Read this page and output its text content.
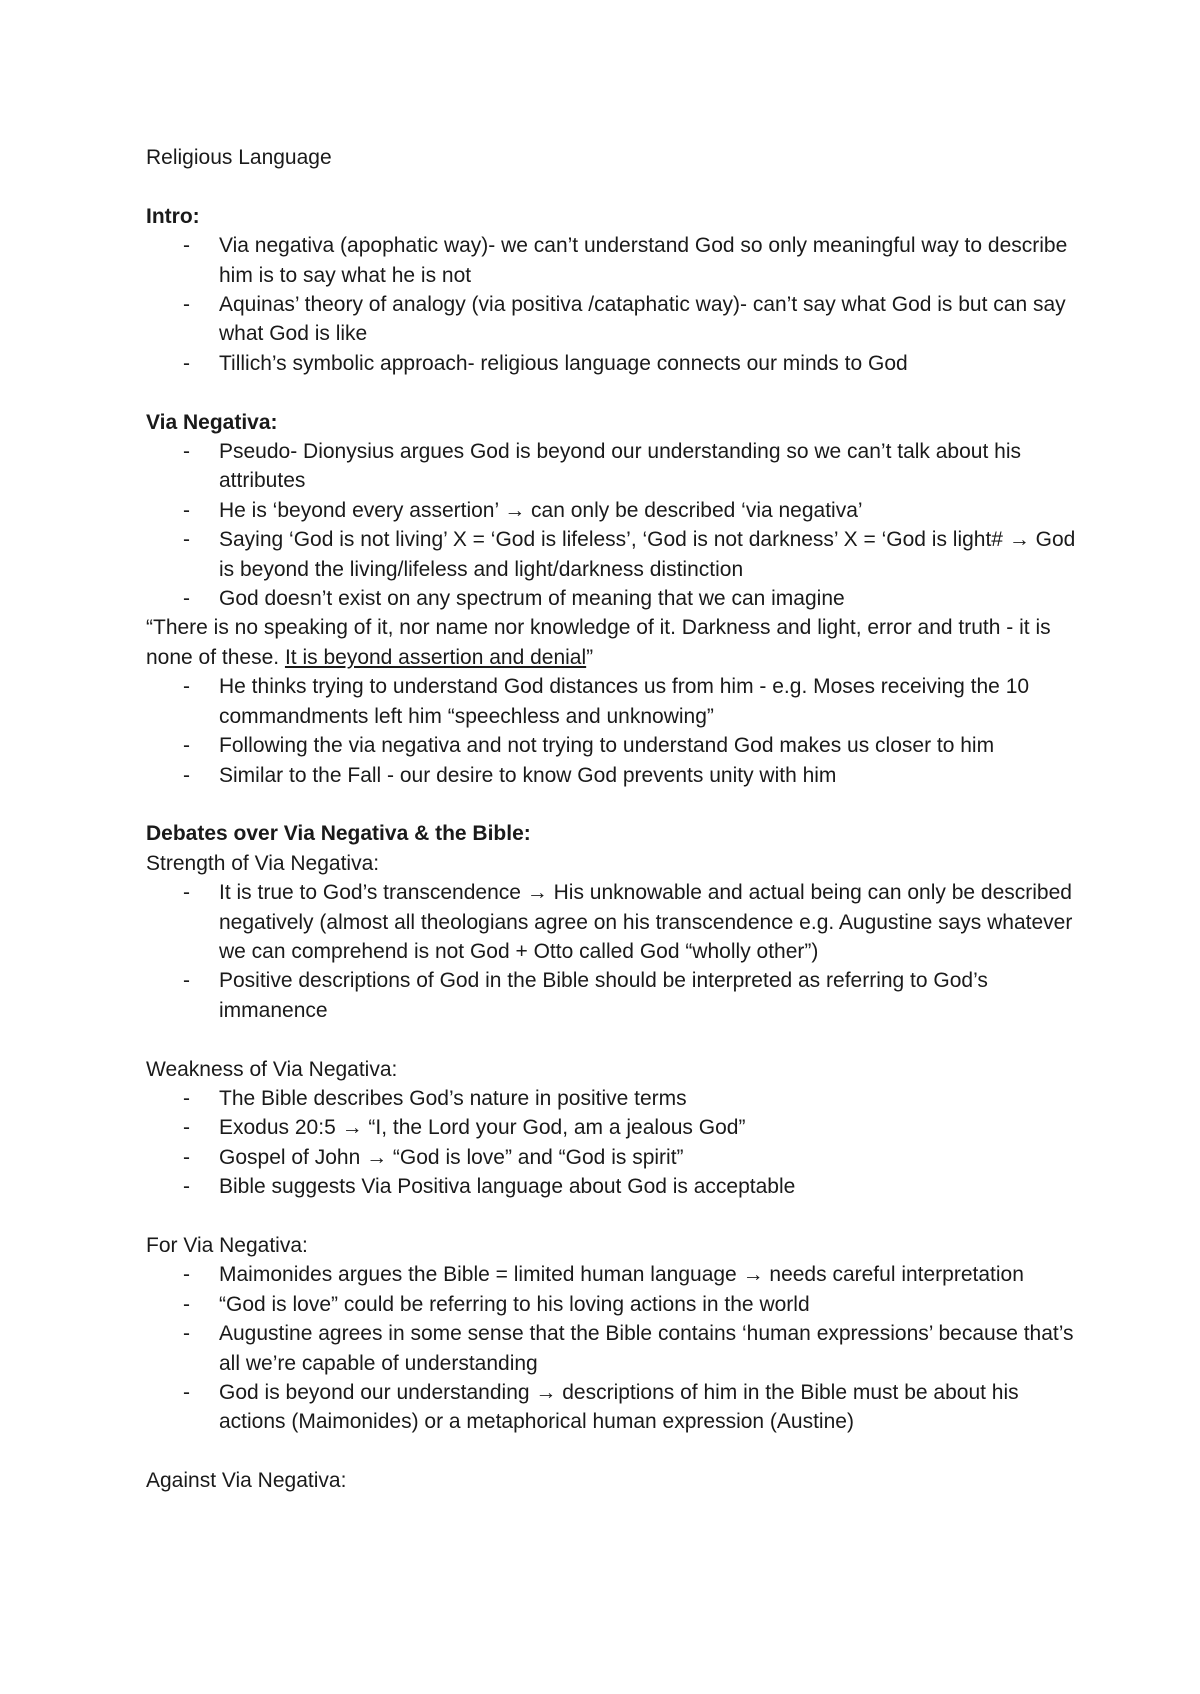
Religious Language

Intro:

- Via negativa (apophatic way)- we can’t understand God so only meaningful way to describe him is to say what he is not
- Aquinas’ theory of analogy (via positiva /cataphatic way)- can’t say what God is but can say what God is like
- Tillich’s symbolic approach- religious language connects our minds to God

Via Negativa:

- Pseudo- Dionysius argues God is beyond our understanding so we can’t talk about his attributes
- He is ‘beyond every assertion’ → can only be described ‘via negativa’
- Saying ‘God is not living’ X = ‘God is lifeless’, ‘God is not darkness’ X = ‘God is light# → God is beyond the living/lifeless and light/darkness distinction
- God doesn’t exist on any spectrum of meaning that we can imagine

“There is no speaking of it, nor name nor knowledge of it. Darkness and light, error and truth - it is none of these. It is beyond assertion and denial”

- He thinks trying to understand God distances us from him - e.g. Moses receiving the 10 commandments left him “speechless and unknowing”
- Following the via negativa and not trying to understand God makes us closer to him
- Similar to the Fall - our desire to know God prevents unity with him

Debates over Via Negativa & the Bible:

Strength of Via Negativa:

- It is true to God’s transcendence → His unknowable and actual being can only be described negatively (almost all theologians agree on his transcendence e.g. Augustine says whatever we can comprehend is not God + Otto called God “wholly other”)
- Positive descriptions of God in the Bible should be interpreted as referring to God’s immanence

Weakness of Via Negativa:

- The Bible describes God’s nature in positive terms
- Exodus 20:5 → “I, the Lord your God, am a jealous God”
- Gospel of John → “God is love” and “God is spirit”
- Bible suggests Via Positiva language about God is acceptable

For Via Negativa:

- Maimonides argues the Bible = limited human language → needs careful interpretation
- “God is love” could be referring to his loving actions in the world
- Augustine agrees in some sense that the Bible contains ‘human expressions’ because that’s all we’re capable of understanding
- God is beyond our understanding → descriptions of him in the Bible must be about his actions (Maimonides) or a metaphorical human expression (Austine)

Against Via Negativa:
